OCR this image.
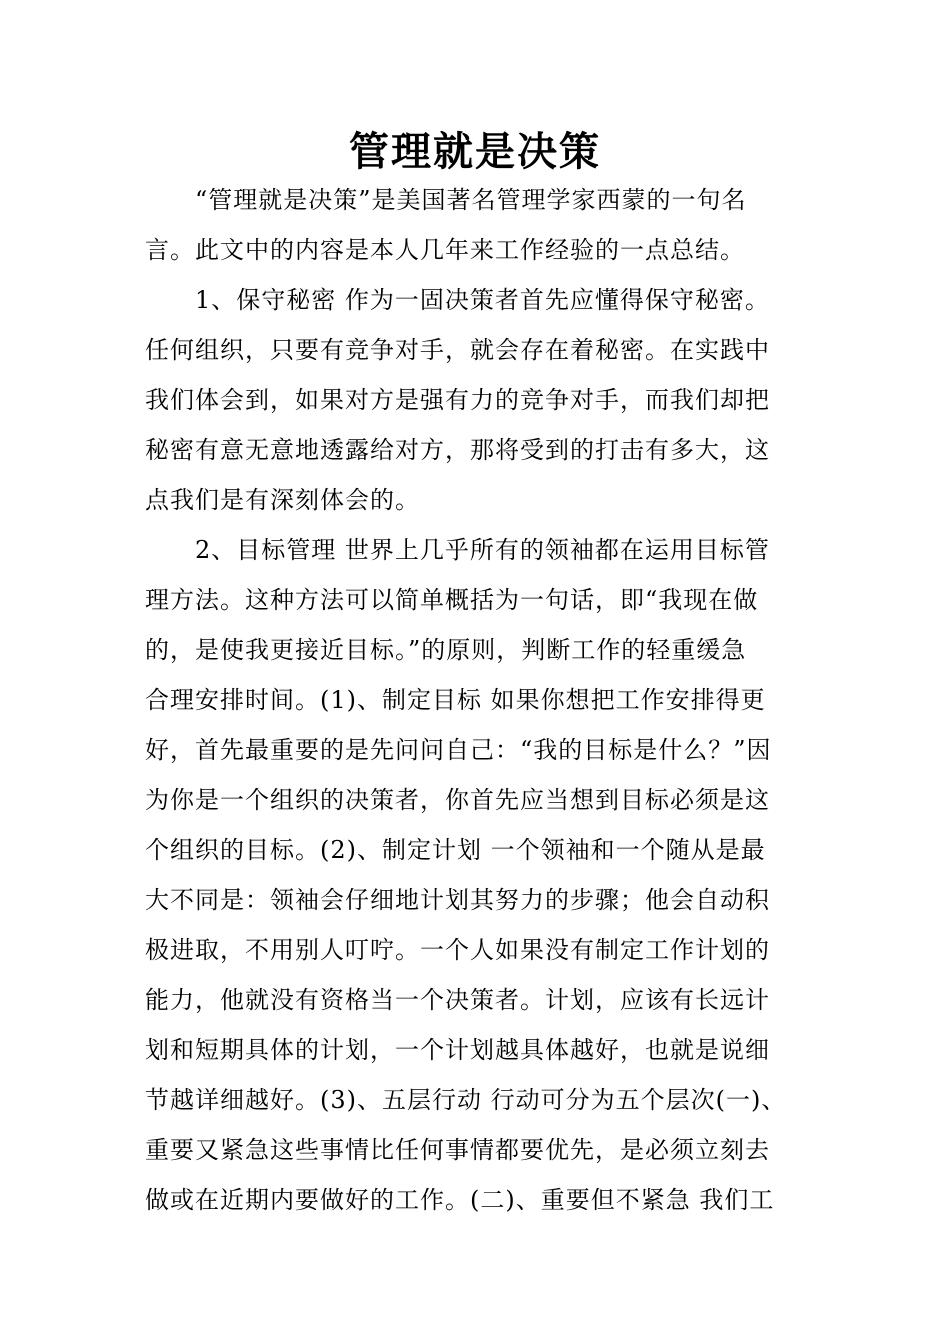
管理就是决策
“管理就是决策”是美国著名管理学家西蒙的一句名
言。此文中的内容是本人几年来工作经验的一点总结。
1、保守秘密 作为一固决策者首先应懂得保守秘密。
任何组织，只要有竞争对手，就会存在着秘密。在实践中
我们体会到，如果对方是强有力的竞争对手，而我们却把
秘密有意无意地透露给对方，那将受到的打击有多大，这
点我们是有深刻体会的。
2、目标管理 世界上几乎所有的领袖都在运用目标管
理方法。这种方法可以简单概括为一句话，即“我现在做
的，是使我更接近目标。”的原则，判断工作的轻重缓急
合理安排时间。(1)、制定目标 如果你想把工作安排得更
好，首先最重要的是先问问自己：“我的目标是什么？”因
为你是一个组织的决策者，你首先应当想到目标必须是这
个组织的目标。(2)、制定计划 一个领袖和一个随从是最
大不同是：领袖会仔细地计划其努力的步骤；他会自动积
极进取，不用别人叮咛。一个人如果没有制定工作计划的
能力，他就没有资格当一个决策者。计划，应该有长远计
划和短期具体的计划，一个计划越具体越好，也就是说细
节越详细越好。(3)、五层行动 行动可分为五个层次(一)、
重要又紧急这些事情比任何事情都要优先，是必须立刻去
做或在近期内要做好的工作。(二)、重要但不紧急 我们工
